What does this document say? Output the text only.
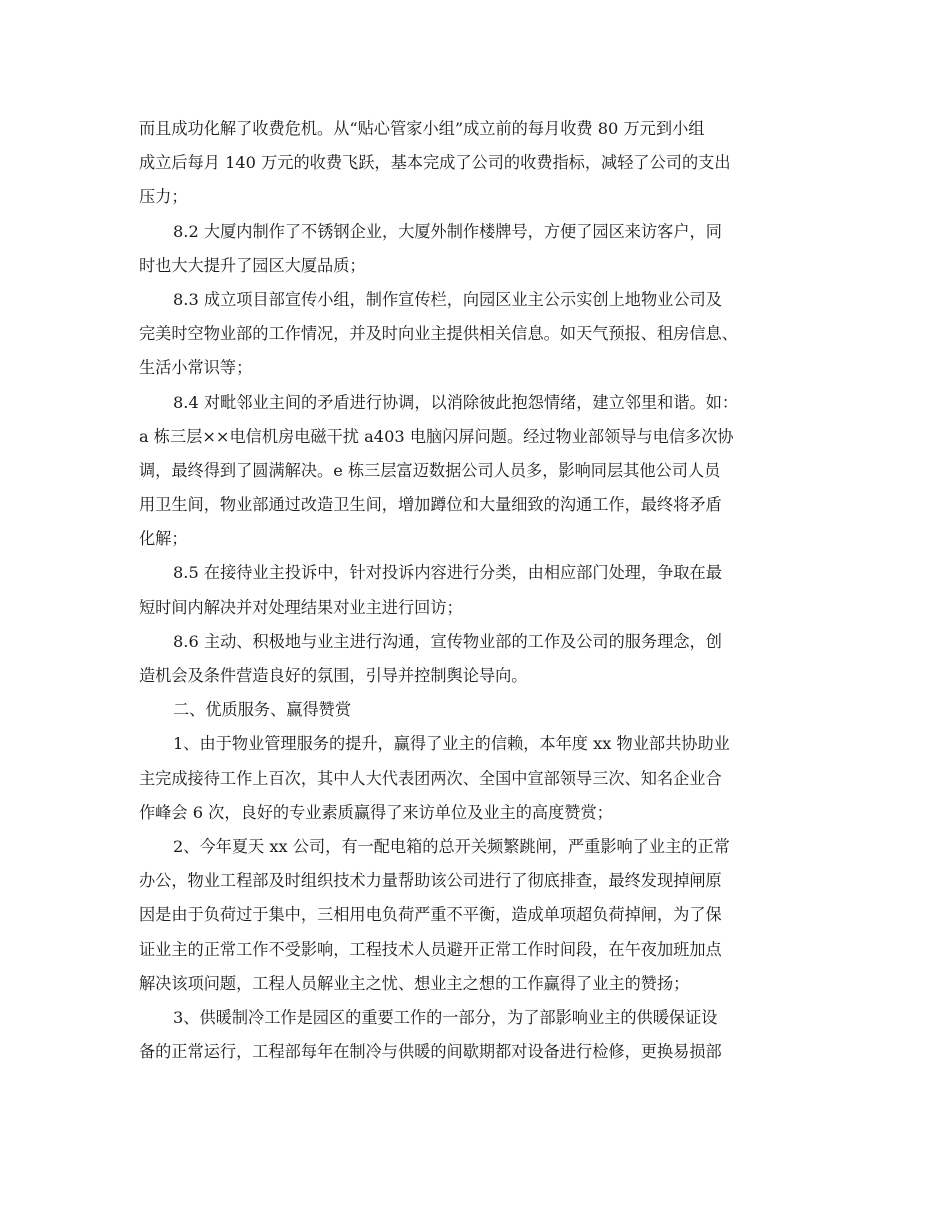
而且成功化解了收费危机。从“贴心管家小组”成立前的每月收费 80 万元到小组
成立后每月 140 万元的收费飞跃，基本完成了公司的收费指标，减轻了公司的支出
压力；
8.2 大厦内制作了不锈钢企业，大厦外制作楼牌号，方便了园区来访客户，同
时也大大提升了园区大厦品质；
8.3 成立项目部宣传小组，制作宣传栏，向园区业主公示实创上地物业公司及
完美时空物业部的工作情况，并及时向业主提供相关信息。如天气预报、租房信息、
生活小常识等；
8.4 对毗邻业主间的矛盾进行协调，以消除彼此抱怨情绪，建立邻里和谐。如：
a 栋三层××电信机房电磁干扰 a403 电脑闪屏问题。经过物业部领导与电信多次协
调，最终得到了圆满解决。e 栋三层富迈数据公司人员多，影响同层其他公司人员
用卫生间，物业部通过改造卫生间，增加蹲位和大量细致的沟通工作，最终将矛盾
化解；
8.5 在接待业主投诉中，针对投诉内容进行分类，由相应部门处理，争取在最
短时间内解决并对处理结果对业主进行回访；
8.6 主动、积极地与业主进行沟通，宣传物业部的工作及公司的服务理念，创
造机会及条件营造良好的氛围，引导并控制舆论导向。
二、优质服务、赢得赞赏
1、由于物业管理服务的提升，赢得了业主的信赖，本年度 xx 物业部共协助业
主完成接待工作上百次，其中人大代表团两次、全国中宣部领导三次、知名企业合
作峰会 6 次，良好的专业素质赢得了来访单位及业主的高度赞赏；
2、今年夏天 xx 公司，有一配电箱的总开关频繁跳闸，严重影响了业主的正常
办公，物业工程部及时组织技术力量帮助该公司进行了彻底排查，最终发现掉闸原
因是由于负荷过于集中，三相用电负荷严重不平衡，造成单项超负荷掉闸，为了保
证业主的正常工作不受影响，工程技术人员避开正常工作时间段，在午夜加班加点
解决该项问题，工程人员解业主之忧、想业主之想的工作赢得了业主的赞扬；
3、供暖制冷工作是园区的重要工作的一部分，为了部影响业主的供暖保证设
备的正常运行，工程部每年在制冷与供暖的间歇期都对设备进行检修，更换易损部
